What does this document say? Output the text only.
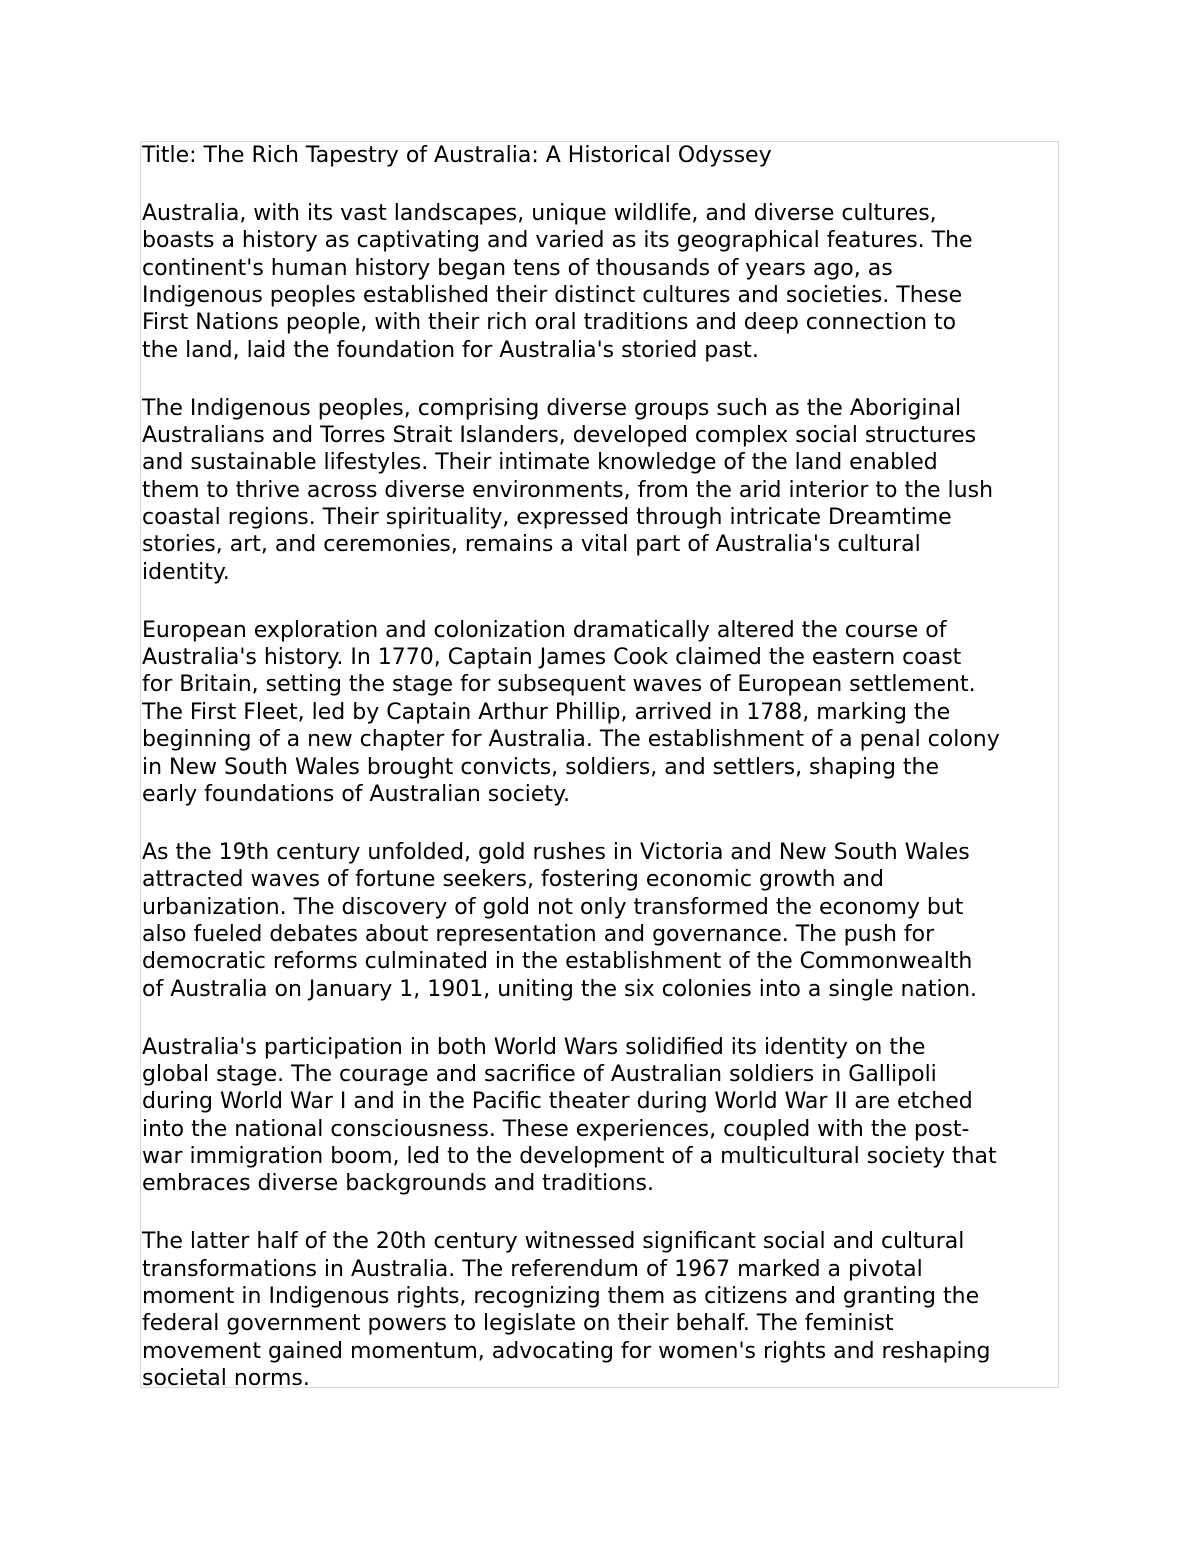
Title: The Rich Tapestry of Australia: A Historical Odyssey
Australia, with its vast landscapes, unique wildlife, and diverse cultures,
boasts a history as captivating and varied as its geographical features. The
continent's human history began tens of thousands of years ago, as
Indigenous peoples established their distinct cultures and societies. These
First Nations people, with their rich oral traditions and deep connection to
the land, laid the foundation for Australia's storied past.
The Indigenous peoples, comprising diverse groups such as the Aboriginal
Australians and Torres Strait Islanders, developed complex social structures
and sustainable lifestyles. Their intimate knowledge of the land enabled
them to thrive across diverse environments, from the arid interior to the lush
coastal regions. Their spirituality, expressed through intricate Dreamtime
stories, art, and ceremonies, remains a vital part of Australia's cultural
identity.
European exploration and colonization dramatically altered the course of
Australia's history. In 1770, Captain James Cook claimed the eastern coast
for Britain, setting the stage for subsequent waves of European settlement.
The First Fleet, led by Captain Arthur Phillip, arrived in 1788, marking the
beginning of a new chapter for Australia. The establishment of a penal colony
in New South Wales brought convicts, soldiers, and settlers, shaping the
early foundations of Australian society.
As the 19th century unfolded, gold rushes in Victoria and New South Wales
attracted waves of fortune seekers, fostering economic growth and
urbanization. The discovery of gold not only transformed the economy but
also fueled debates about representation and governance. The push for
democratic reforms culminated in the establishment of the Commonwealth
of Australia on January 1, 1901, uniting the six colonies into a single nation.
Australia's participation in both World Wars solidified its identity on the
global stage. The courage and sacrifice of Australian soldiers in Gallipoli
during World War I and in the Pacific theater during World War II are etched
into the national consciousness. These experiences, coupled with the post-
war immigration boom, led to the development of a multicultural society that
embraces diverse backgrounds and traditions.
The latter half of the 20th century witnessed significant social and cultural
transformations in Australia. The referendum of 1967 marked a pivotal
moment in Indigenous rights, recognizing them as citizens and granting the
federal government powers to legislate on their behalf. The feminist
movement gained momentum, advocating for women's rights and reshaping
societal norms.
